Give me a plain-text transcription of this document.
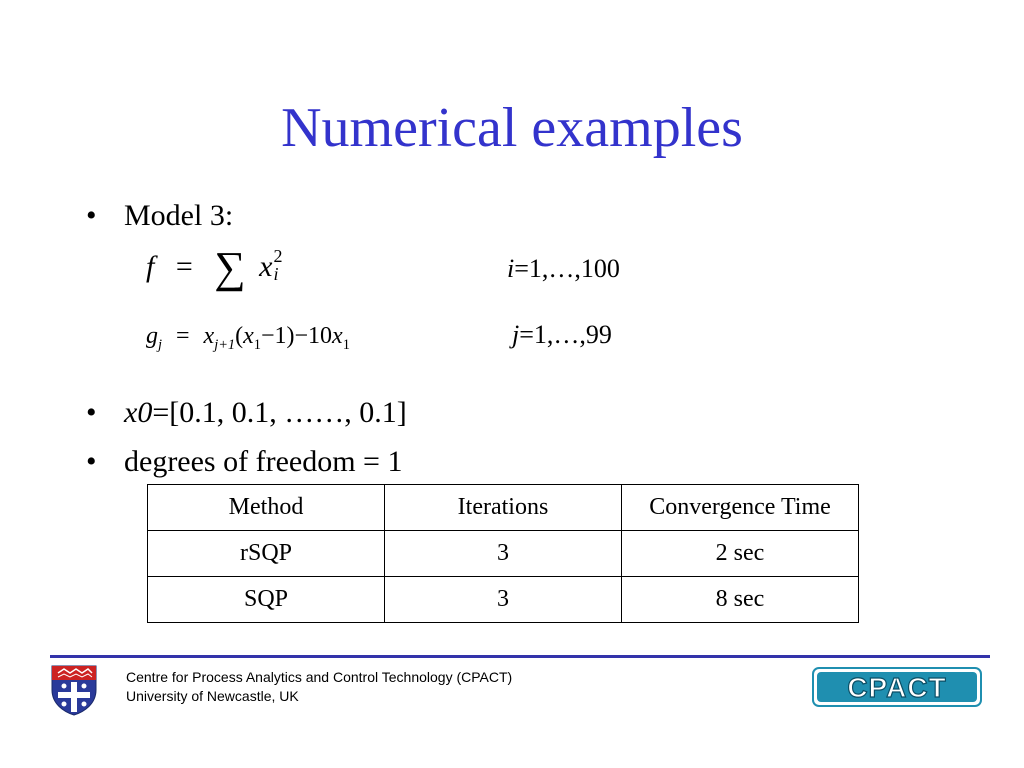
Numerical examples
• Model 3:
f = ∑ x 2
i	i=1,…,100
$g_j = x_{j+1}(x_1-1)-10x_1$	j=1,…,99
• x0 =[0.1, 0.1, ……, 0.1]
• degrees of freedom = 1
Method	Iterations	Convergence Time
rSQP	3	2 sec
SQP	3	8 sec
Centre for Process Analytics and Control Technology (CPACT)
University of Newcastle, UK	CPACT
